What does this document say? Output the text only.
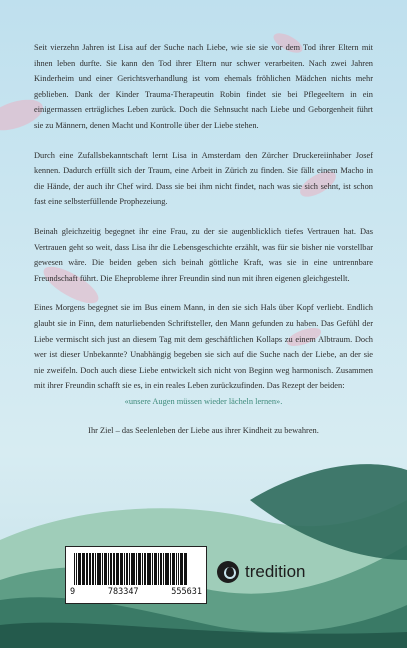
Seit vierzehn Jahren ist Lisa auf der Suche nach Liebe, wie sie sie vor dem Tod ihrer Eltern mit ihnen leben durfte. Sie kann den Tod ihrer Eltern nur schwer verarbeiten. Nach zwei Jahren Kinderheim und einer Gerichtsverhandlung ist vom ehemals fröhlichen Mädchen nichts mehr geblieben. Dank der Kinder Trauma-Therapeutin Robin findet sie bei Pflegeeltern in ein einigermassen erträgliches Leben zurück. Doch die Sehnsucht nach Liebe und Geborgenheit führt sie zu Männern, denen Macht und Kontrolle über der Liebe stehen.

Durch eine Zufallsbekanntschaft lernt Lisa in Amsterdam den Zürcher Druckereiinhaber Josef kennen. Dadurch erfüllt sich der Traum, eine Arbeit in Zürich zu finden. Sie fällt einem Macho in die Hände, der auch ihr Chef wird. Dass sie bei ihm nicht findet, nach was sie sich sehnt, ist schon fast eine selbsterfüllende Prophezeiung.

Beinah gleichzeitig begegnet ihr eine Frau, zu der sie augenblicklich tiefes Vertrauen hat. Das Vertrauen geht so weit, dass Lisa ihr die Lebensgeschichte erzählt, was für sie bisher nie vorstellbar gewesen wäre. Die beiden geben sich beinah göttliche Kraft, was sie in eine untrennbare Freundschaft führt. Die Eheprobleme ihrer Freundin sind nun mit ihren eigenen gleichgestellt.

Eines Morgens begegnet sie im Bus einem Mann, in den sie sich Hals über Kopf verliebt. Endlich glaubt sie in Finn, dem naturliebenden Schriftsteller, den Mann gefunden zu haben. Das Gefühl der Liebe vermischt sich just an diesem Tag mit dem geschäftlichen Kollaps zu einem Albtraum. Doch wer ist dieser Unbekannte? Unabhängig begeben sie sich auf die Suche nach der Liebe, an der sie nie zweifeln. Doch auch diese Liebe entwickelt sich nicht von Beginn weg harmonisch. Zusammen mit ihrer Freundin schafft sie es, in ein reales Leben zurückzufinden. Das Rezept der beiden:
«unsere Augen müssen wieder lächeln lernen».

Ihr Ziel – das Seelenleben der Liebe aus ihrer Kindheit zu bewahren.

9	783347	555631
tredition
